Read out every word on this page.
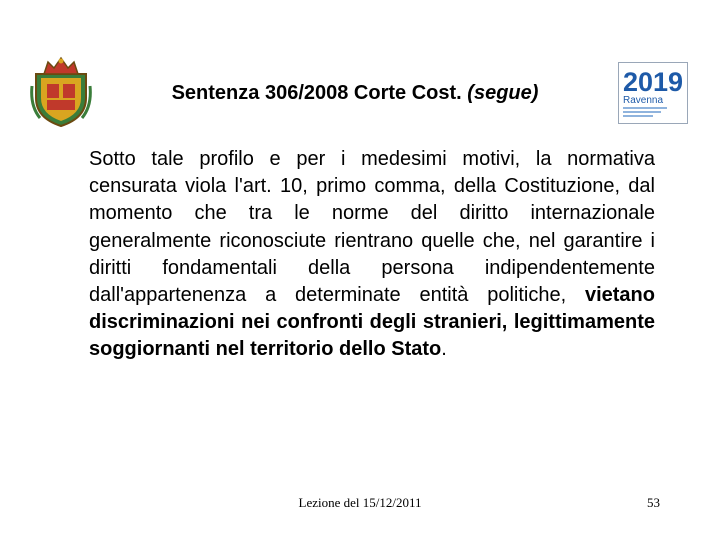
2019
Ravenna
Sentenza 306/2008 Corte Cost. (segue)
Sotto tale profilo e per i medesimi motivi, la normativa censurata viola l'art. 10, primo comma, della Costituzione, dal momento che tra le norme del diritto internazionale generalmente riconosciute rientrano quelle che, nel garantire i diritti fondamentali della persona indipendentemente dall'appartenenza a determinate entità politiche, vietano discriminazioni nei confronti degli stranieri, legittimamente soggiornanti nel territorio dello Stato.
Lezione del 15/12/2011	53
